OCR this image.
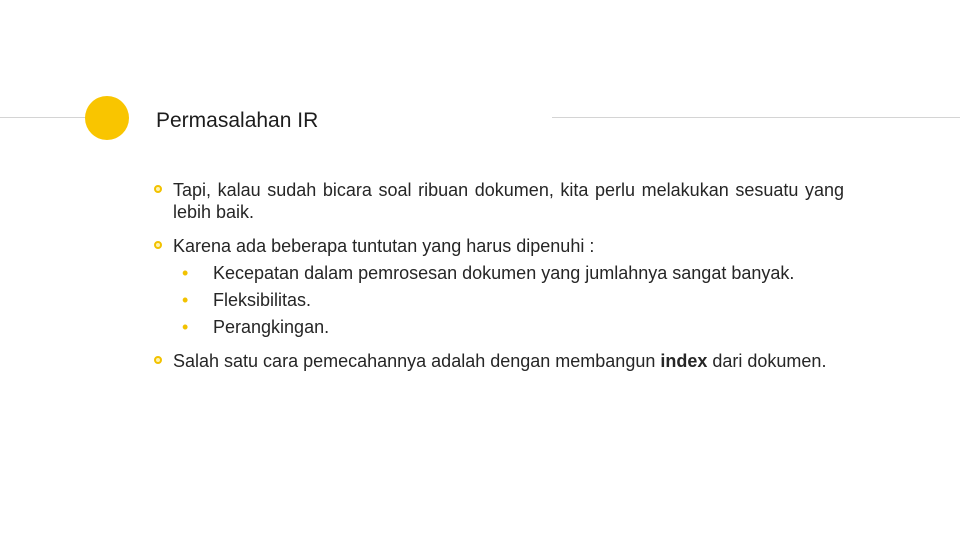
Permasalahan IR
Tapi, kalau sudah bicara soal ribuan dokumen, kita perlu melakukan sesuatu yang lebih baik.
Karena ada beberapa tuntutan yang harus dipenuhi :
• Kecepatan dalam pemrosesan dokumen yang jumlahnya sangat banyak.
• Fleksibilitas.
• Perangkingan.
Salah satu cara pemecahannya adalah dengan membangun index dari dokumen.
